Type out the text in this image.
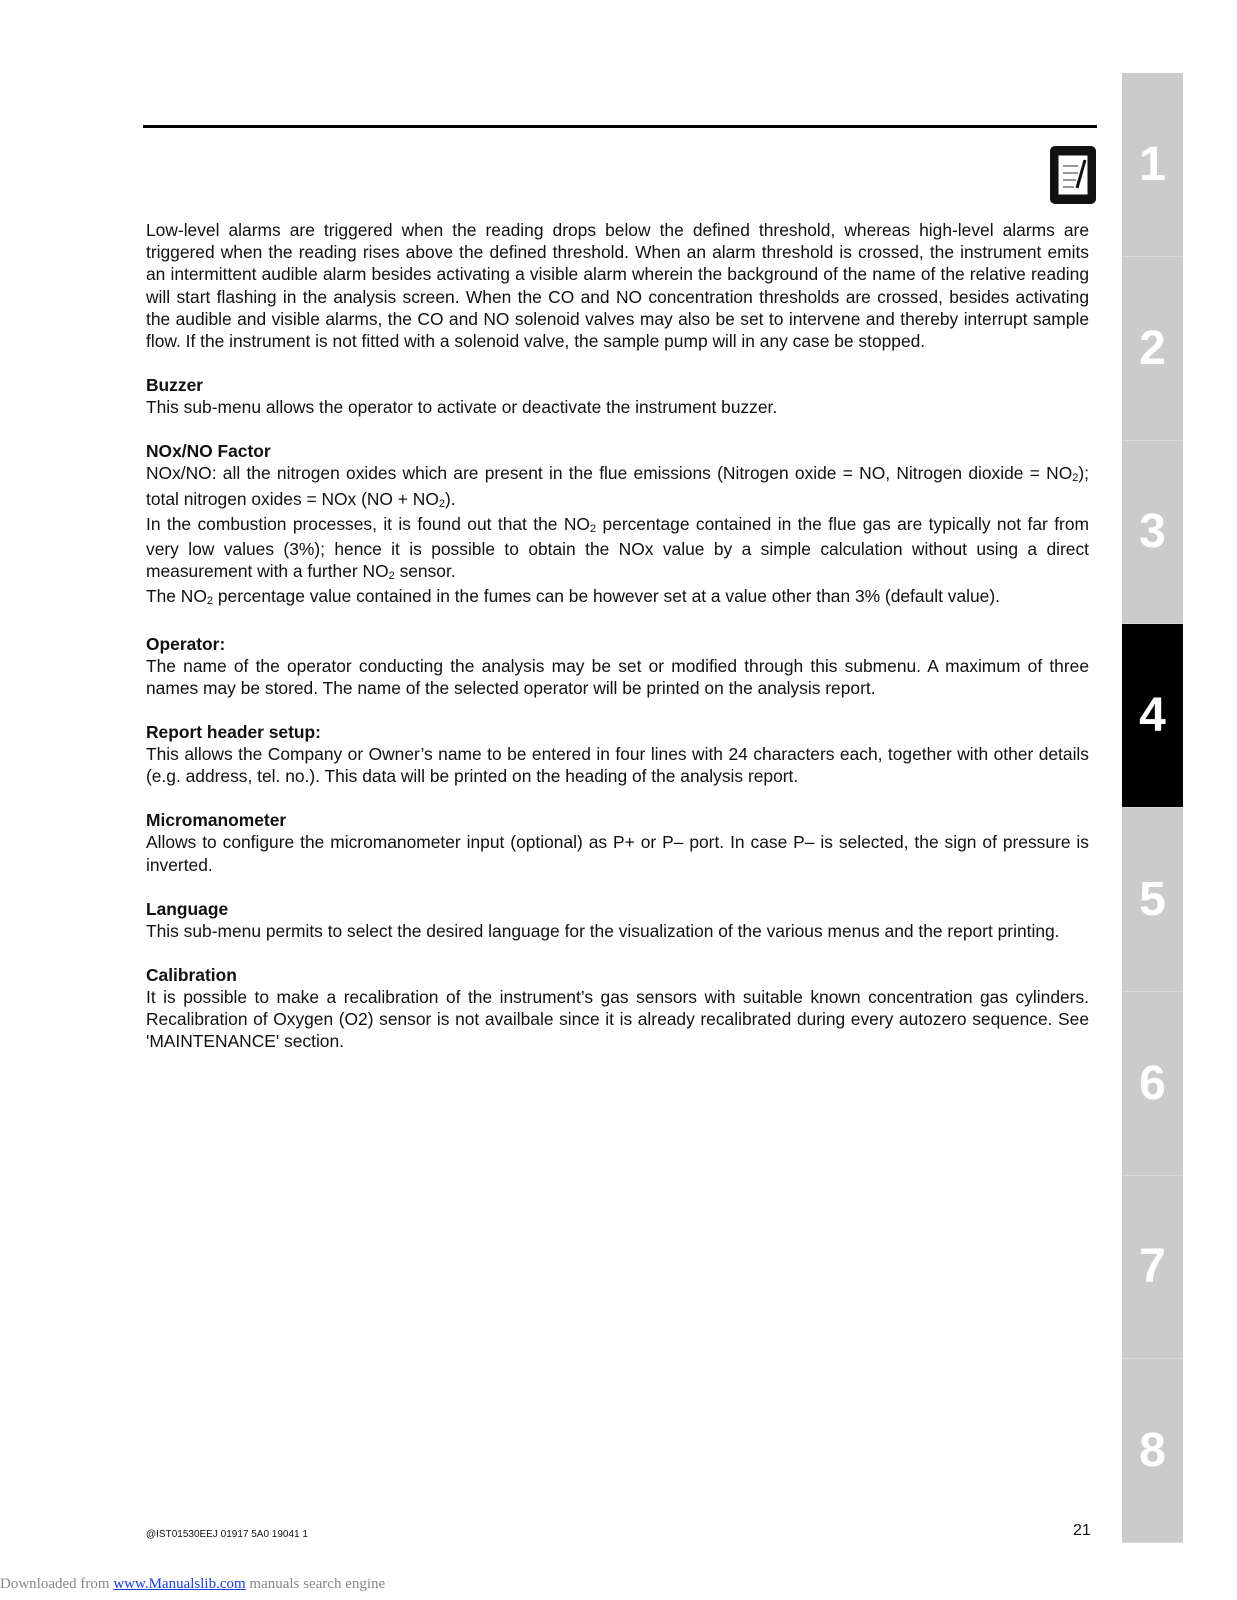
Low-level alarms are triggered when the reading drops below the defined threshold, whereas high-level alarms are triggered when the reading rises above the defined threshold. When an alarm threshold is crossed, the instrument emits an intermittent audible alarm besides activating a visible alarm wherein the background of the name of the relative reading will start flashing in the analysis screen. When the CO and NO concentration thresholds are crossed, besides activating the audible and visible alarms, the CO and NO solenoid valves may also be set to intervene and thereby interrupt sample flow. If the instrument is not fitted with a solenoid valve, the sample pump will in any case be stopped.

Buzzer

This sub-menu allows the operator to activate or deactivate the instrument buzzer.

NOx/NO Factor

NOx/NO: all the nitrogen oxides which are present in the flue emissions (Nitrogen oxide = NO, Nitrogen dioxide = $NO_2$); total nitrogen oxides = NOx $(NO + NO_2)$.

In the combustion processes, it is found out that the $NO_2$ percentage contained in the flue gas are typically not far from very low values (3%); hence it is possible to obtain the NOx value by a simple calculation without using a direct measurement with a further $NO_2$ sensor.

The $NO_2$ percentage value contained in the fumes can be however set at a value other than 3% (default value).

Operator:

The name of the operator conducting the analysis may be set or modified through this submenu. A maximum of three names may be stored. The name of the selected operator will be printed on the analysis report.

Report header setup:

This allows the Company or Owner’s name to be entered in four lines with 24 characters each, together with other details (e.g. address, tel. no.). This data will be printed on the heading of the analysis report.

Micromanometer

Allows to configure the micromanometer input (optional) as P+ or P– port. In case P– is selected, the sign of pressure is inverted.

Language

This sub-menu permits to select the desired language for the visualization of the various menus and the report printing.

Calibration

It is possible to make a recalibration of the instrument’s gas sensors with suitable known concentration gas cylinders. Recalibration of Oxygen (O2) sensor is not availbale since it is already recalibrated during every autozero sequence. See 'MAINTENANCE' section.

1
2
3
4
5
6
7
8
@IST01530EEJ 01917 5A0 19041 1	21
Downloaded from www.Manualslib.com manuals search engine
